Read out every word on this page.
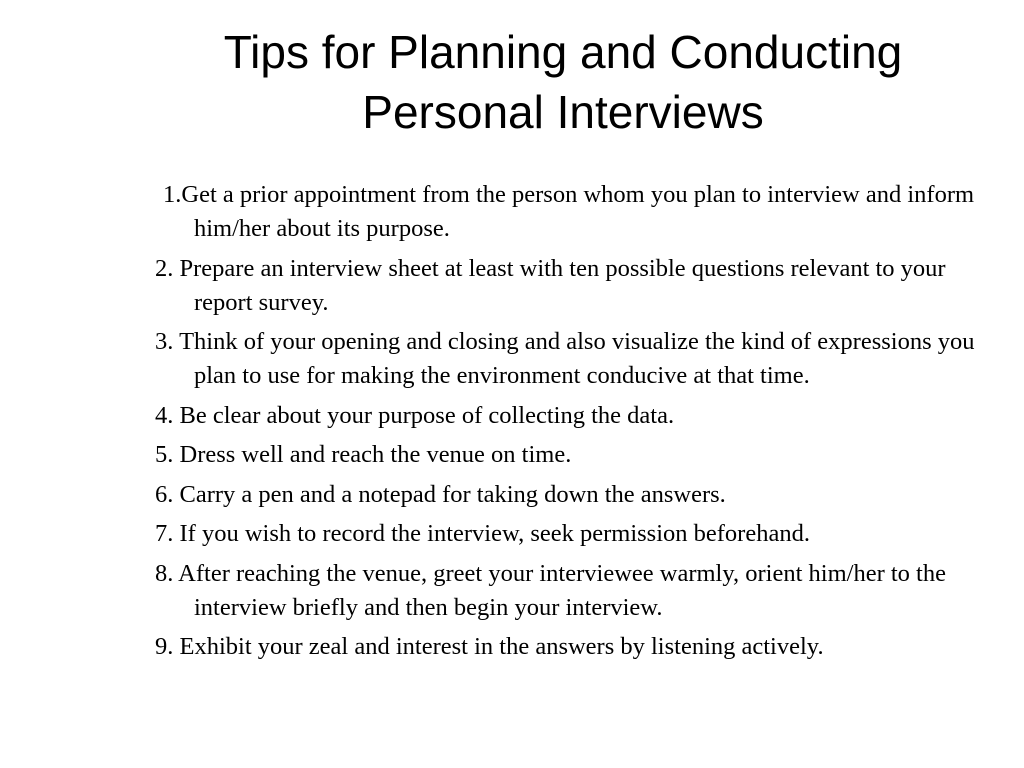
Tips for Planning and Conducting
Personal Interviews
1.Get a prior appointment from the person whom you plan to interview and inform him/her about its purpose.
2. Prepare an interview sheet at least with ten possible questions relevant to your report survey.
3. Think of your opening and closing and also visualize the kind of expressions you plan to use for making the environment conducive at that time.
4. Be clear about your purpose of collecting the data.
5. Dress well and reach the venue on time.
6. Carry a pen and a notepad for taking down the answers.
7. If you wish to record the interview, seek permission beforehand.
8. After reaching the venue, greet your interviewee warmly, orient him/her to the interview briefly and then begin your interview.
9. Exhibit your zeal and interest in the answers by listening actively.
